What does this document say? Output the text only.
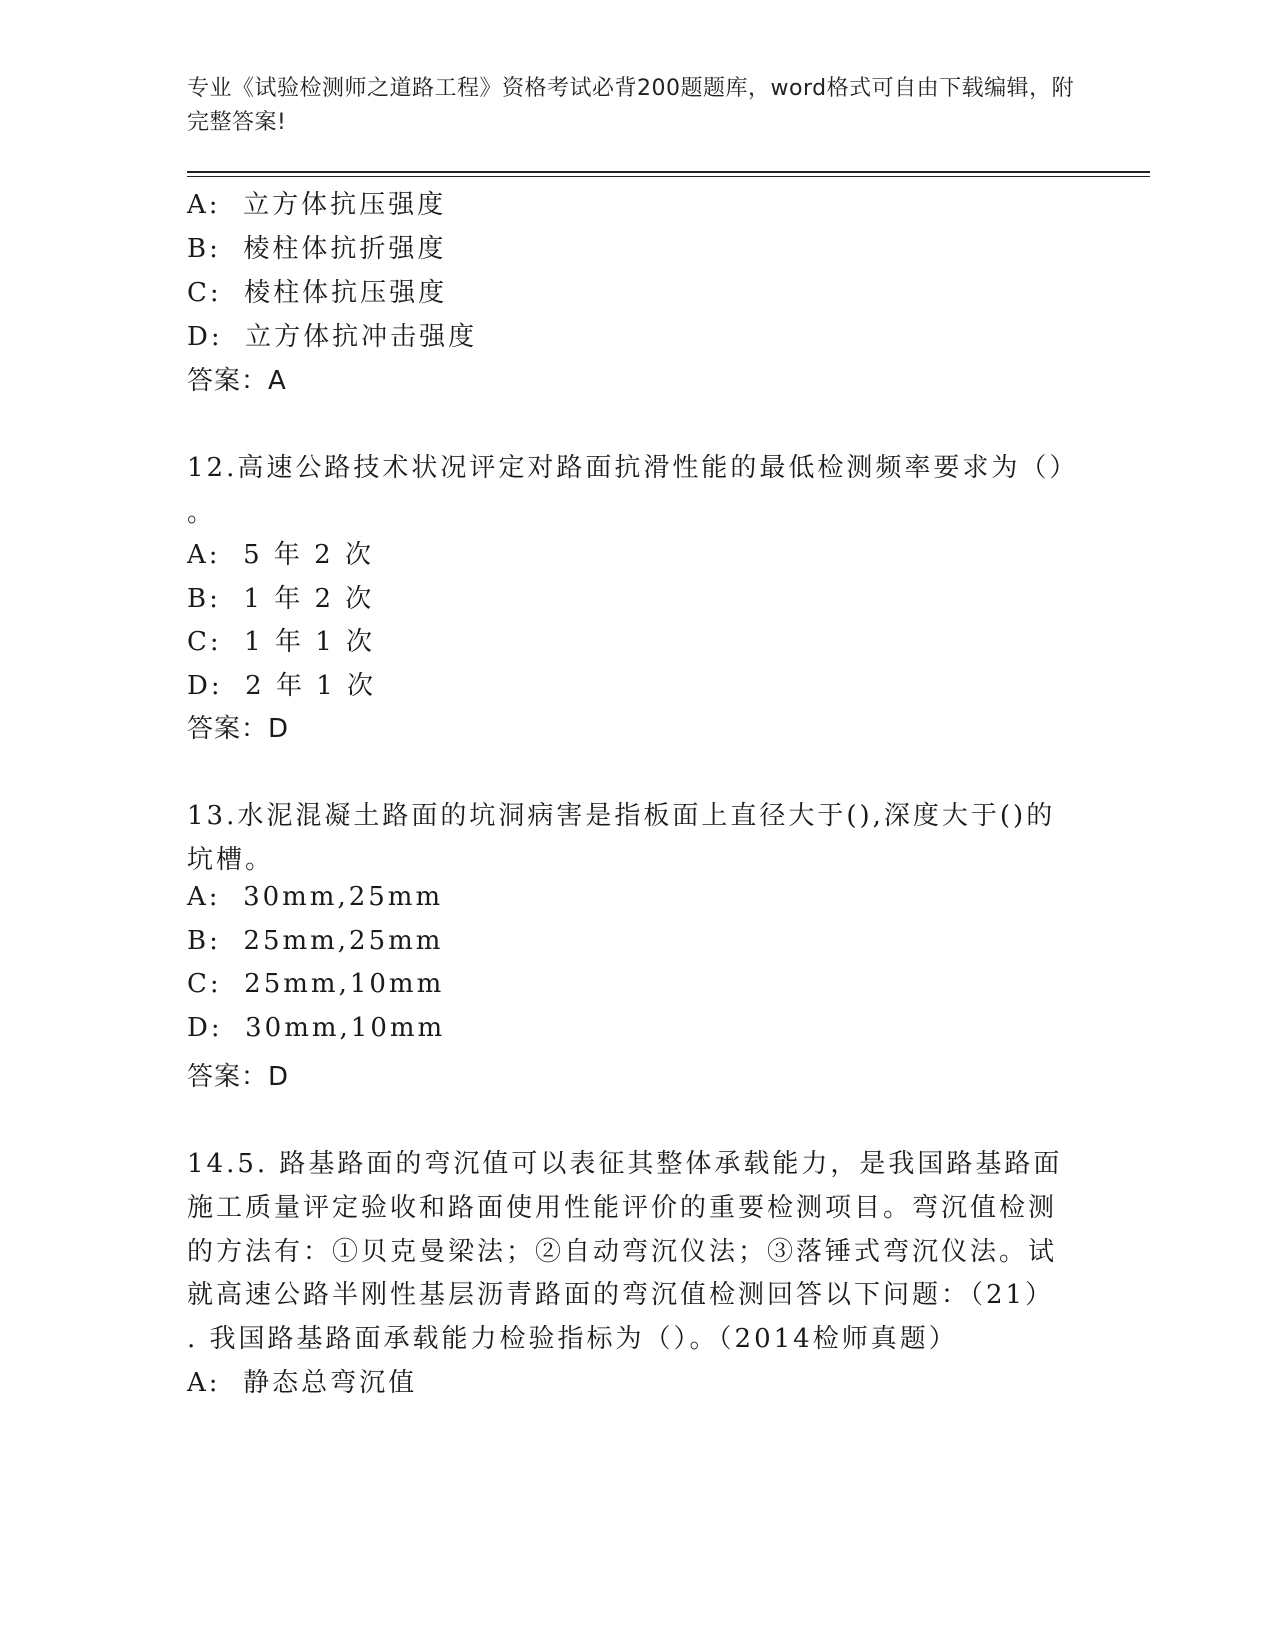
专业《试验检测师之道路工程》资格考试必背200题题库，word格式可自由下载编辑，附完整答案!
A:  立方体抗压强度
B:  棱柱体抗折强度
C:  棱柱体抗压强度
D:  立方体抗冲击强度
答案：A
12.高速公路技术状况评定对路面抗滑性能的最低检测频率要求为（）
。
A:  5 年 2 次
B:  1 年 2 次
C:  1 年 1 次
D:  2 年 1 次
答案：D
13.水泥混凝土路面的坑洞病害是指板面上直径大于(),深度大于()的
坑槽。
A:  30mm,25mm
B:  25mm,25mm
C:  25mm,10mm
D:  30mm,10mm
答案：D
14.5. 路基路面的弯沉值可以表征其整体承载能力，是我国路基路面
施工质量评定验收和路面使用性能评价的重要检测项目。弯沉值检测
的方法有：①贝克曼梁法；②自动弯沉仪法；③落锤式弯沉仪法。试
就高速公路半刚性基层沥青路面的弯沉值检测回答以下问题：（21）
. 我国路基路面承载能力检验指标为（）。（2014检师真题）
A:  静态总弯沉值
